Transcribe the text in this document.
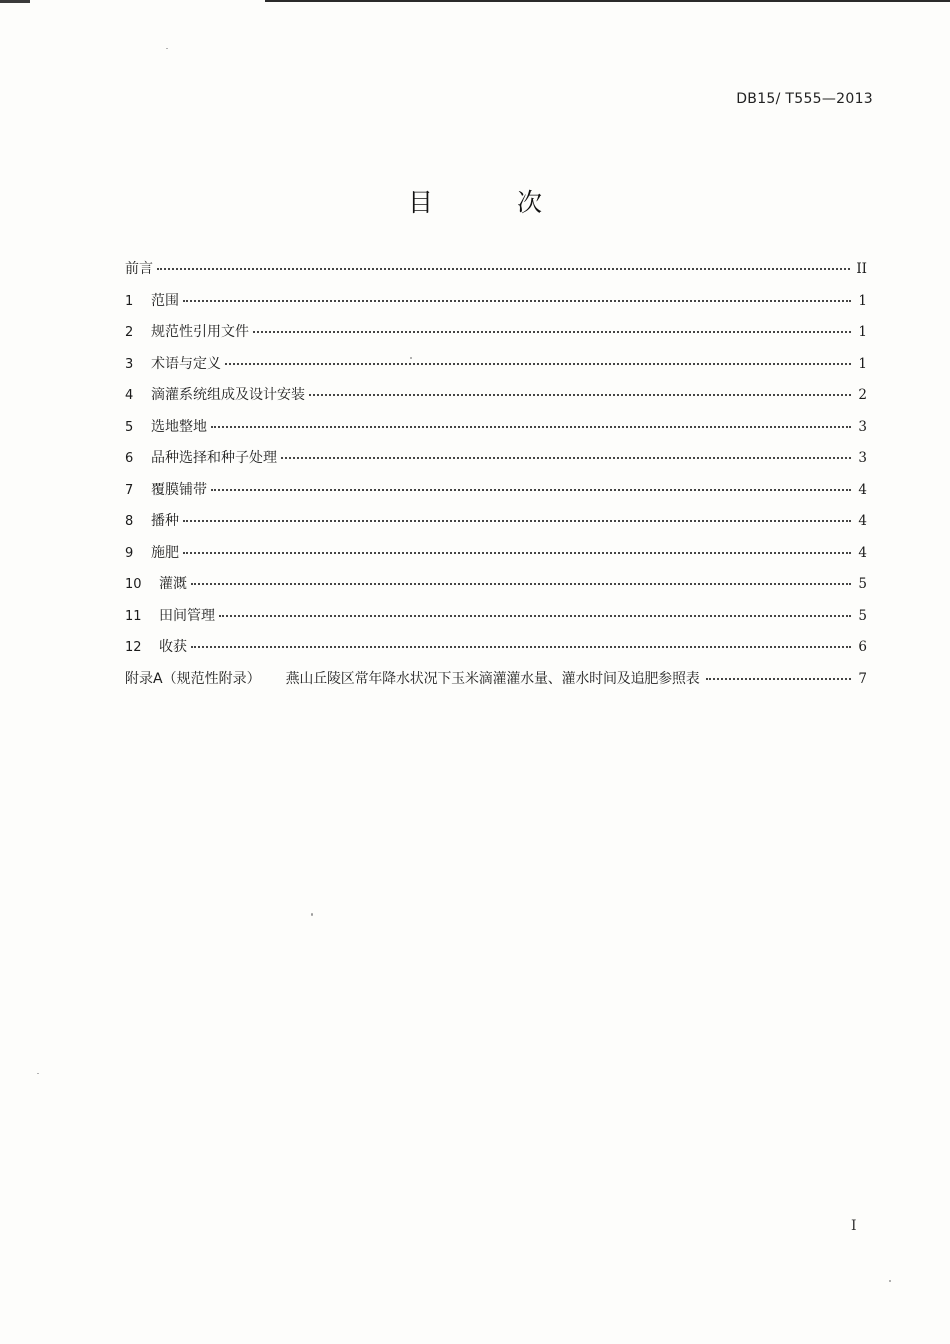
DB15/ T555—2013
目 次
前言	II
1	范围	1
2	规范性引用文件	1
3	术语与定义	1
4	滴灌系统组成及设计安装	2
5	选地整地	3
6	品种选择和种子处理	3
7	覆膜铺带	4
8	播种	4
9	施肥	4
10	灌溉	5
11	田间管理	5
12	收获	6
附录A（规范性附录） 燕山丘陵区常年降水状况下玉米滴灌灌水量、灌水时间及追肥参照表	7
I
